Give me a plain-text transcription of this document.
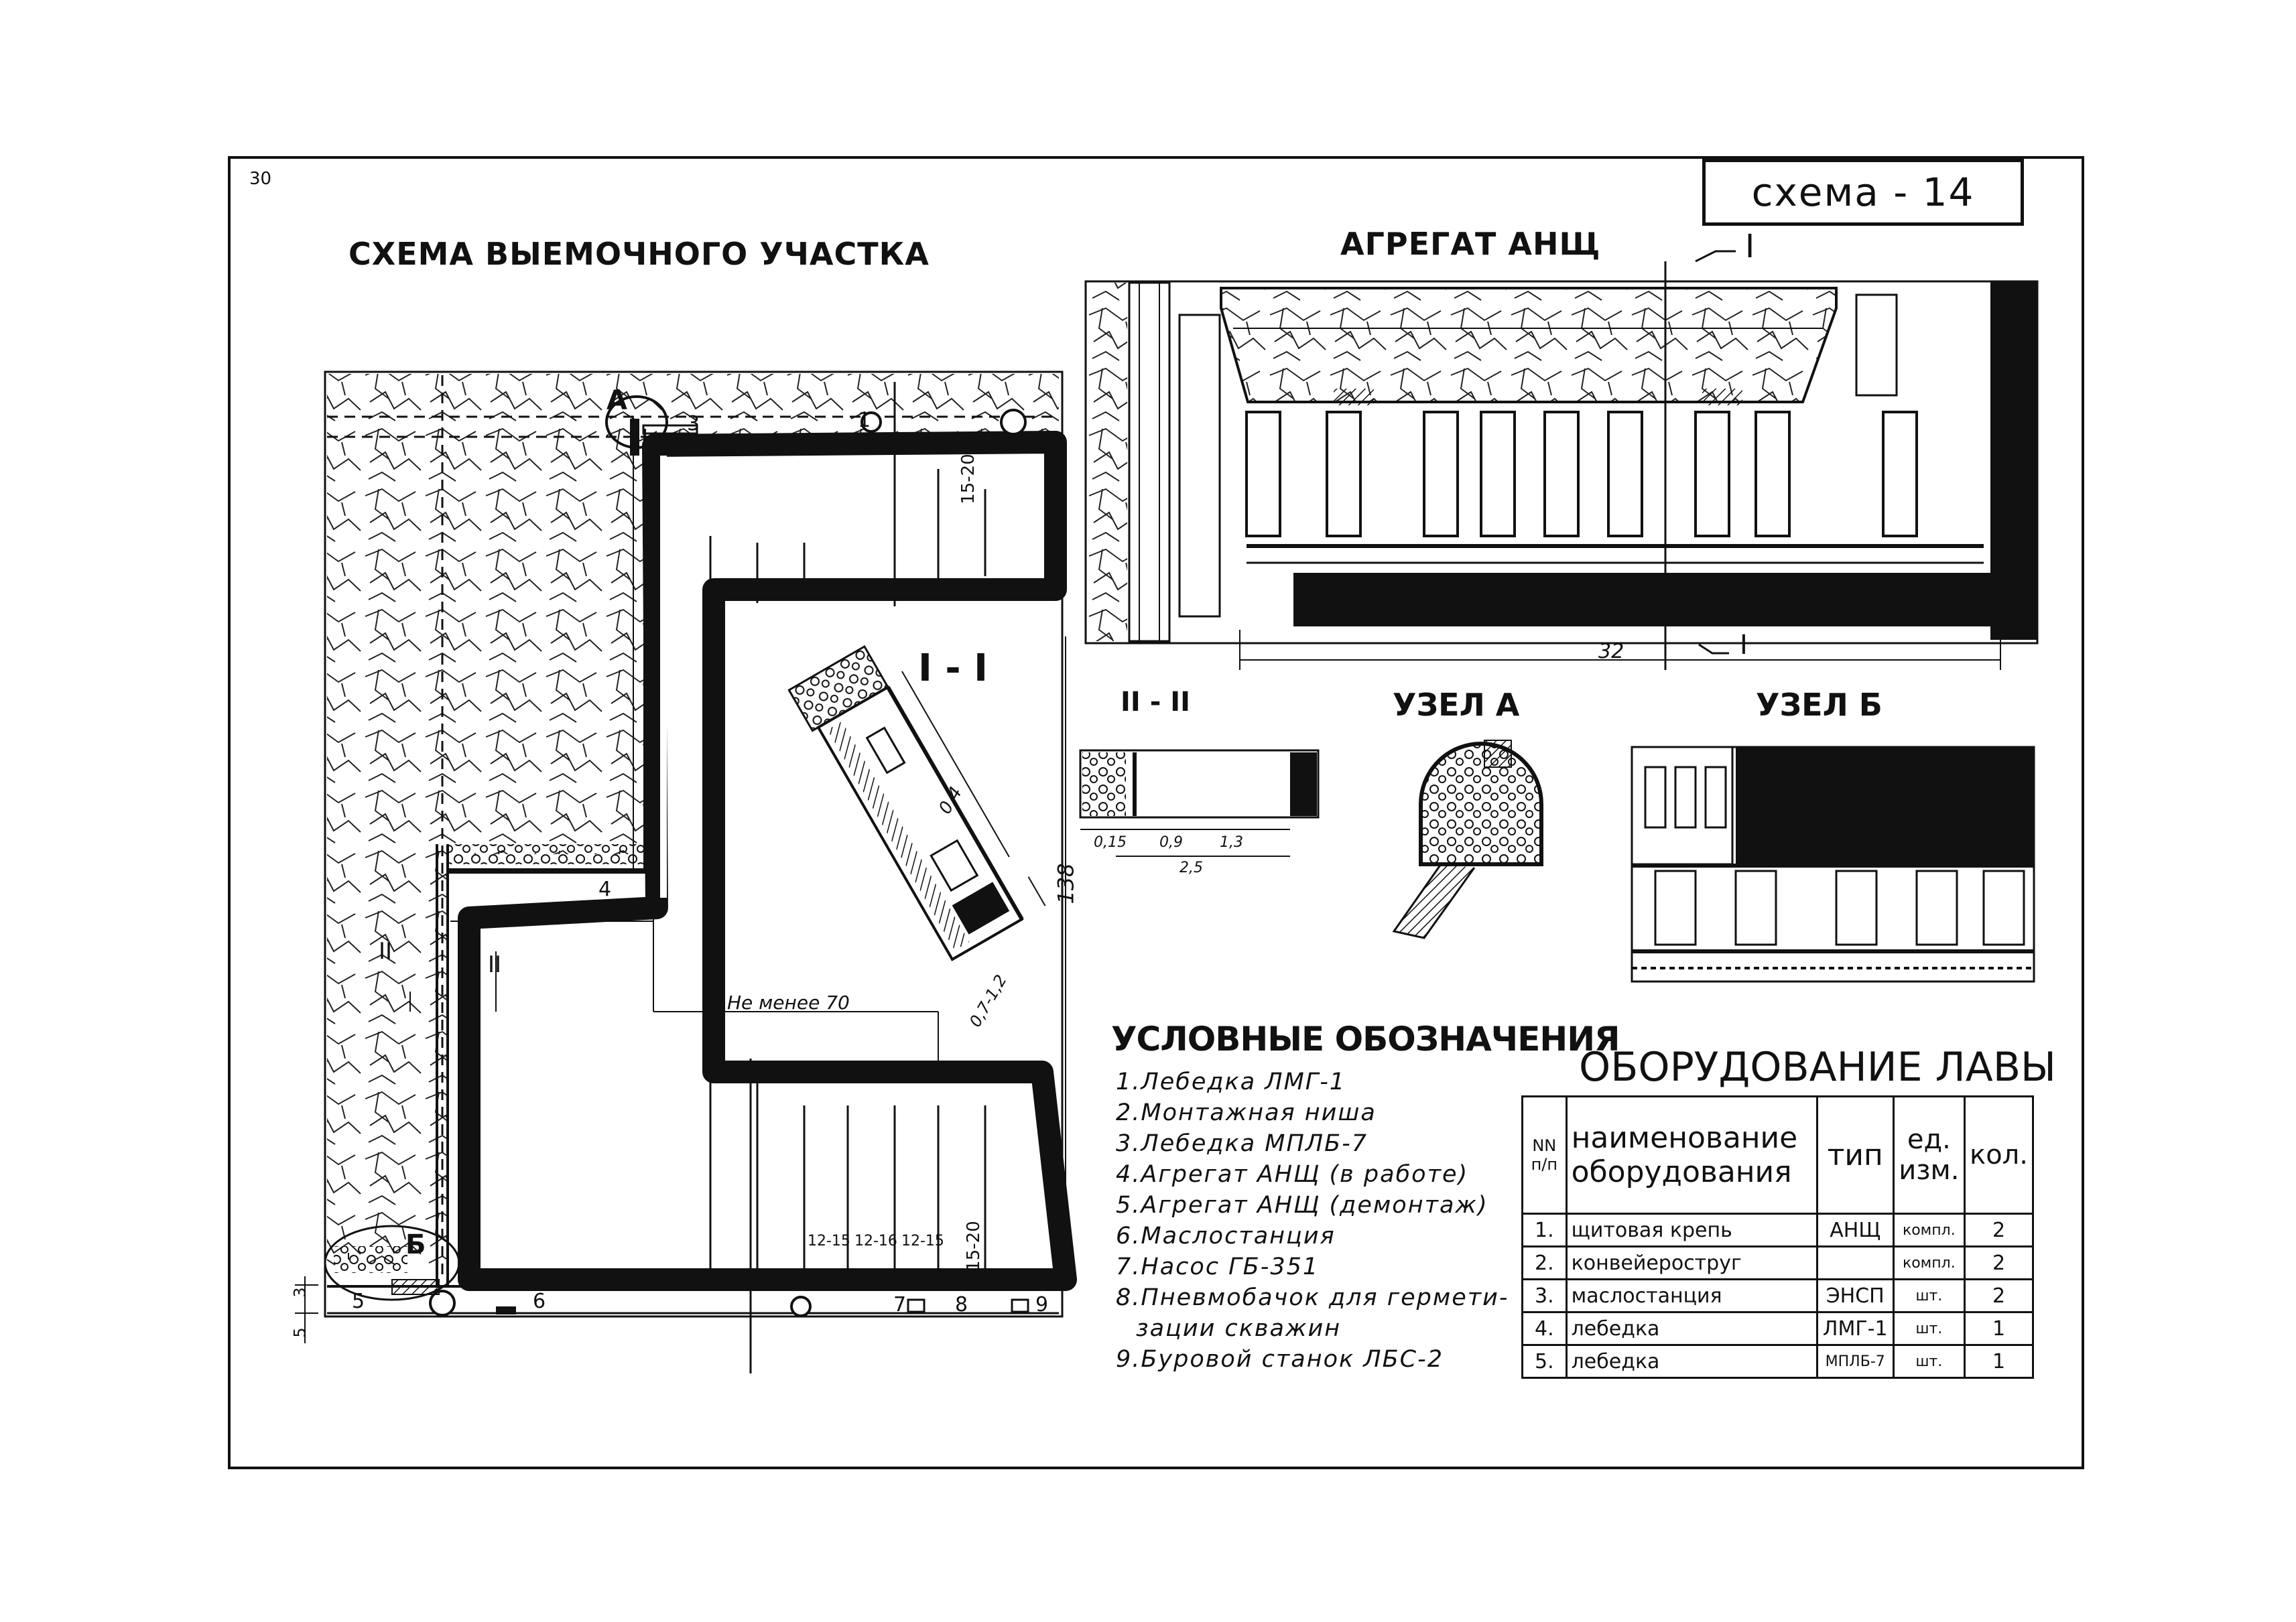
30	схема - 14
СХЕМА ВЫЕМОЧНОГО УЧАСТКА	АГРЕГАТ АНЩ
I - I
II - II	УЗЕЛ А	УЗЕЛ Б
32
I
I
32
Не менее 70
138
15-20
15-20
12-15 12-16 12-15
0,4
0,7-1,2
0,15 0,9	1,3
2,5
3
5
А
Б
II	II
1
2
3
4
5	6	7 8	9
УСЛОВНЫЕ ОБОЗНАЧЕНИЯ
1.Лебедка ЛМГ-1
2.Монтажная ниша
3.Лебедка МПЛБ-7
4.Агрегат АНЩ (в работе)
5.Агрегат АНЩ (демонтаж)
6.Маслостанция
7.Насос ГБ-351
8.Пневмобачок для гермети-
зации скважин
9.Буровой станок ЛБС-2
ОБОРУДОВАНИЕ ЛАВЫ
NN п/п	наименование оборудования	тип	ед. изм.	кол.
1.	щитовая крепь	АНЩ	компл.	2
2.	конвейероструг		компл.	2
3.	маслостанция	ЭНСП	шт.	2
4.	лебедка	ЛМГ-1	шт.	1
5.	лебедка	МПЛБ-7	шт.	1
